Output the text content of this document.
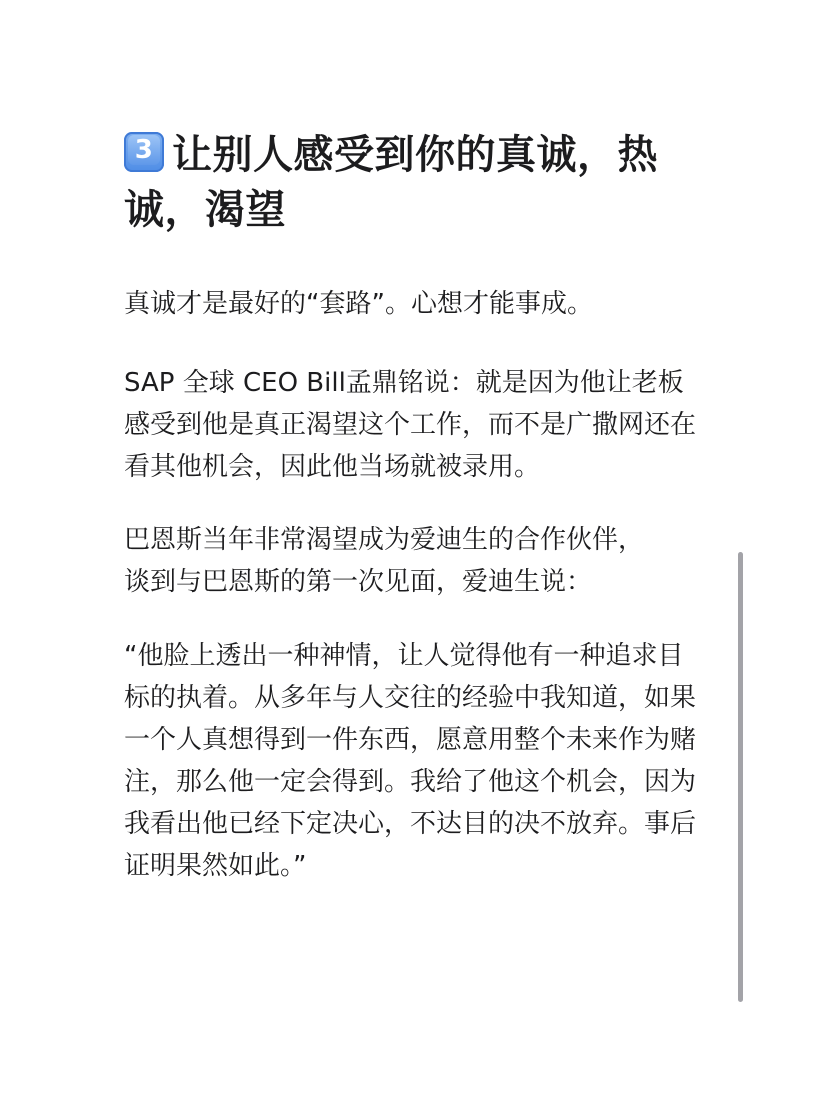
3 让别人感受到你的真诚，热诚，渴望

真诚才是最好的“套路”。心想才能事成。

SAP 全球 CEO Bill孟鼎铭说：就是因为他让老板感受到他是真正渴望这个工作，而不是广撒网还在看其他机会，因此他当场就被录用。

巴恩斯当年非常渴望成为爱迪生的合作伙伴，
谈到与巴恩斯的第一次见面，爱迪生说：

“他脸上透出一种神情，让人觉得他有一种追求目标的执着。从多年与人交往的经验中我知道，如果一个人真想得到一件东西，愿意用整个未来作为赌注，那么他一定会得到。我给了他这个机会，因为我看出他已经下定决心，不达目的决不放弃。事后证明果然如此。”
